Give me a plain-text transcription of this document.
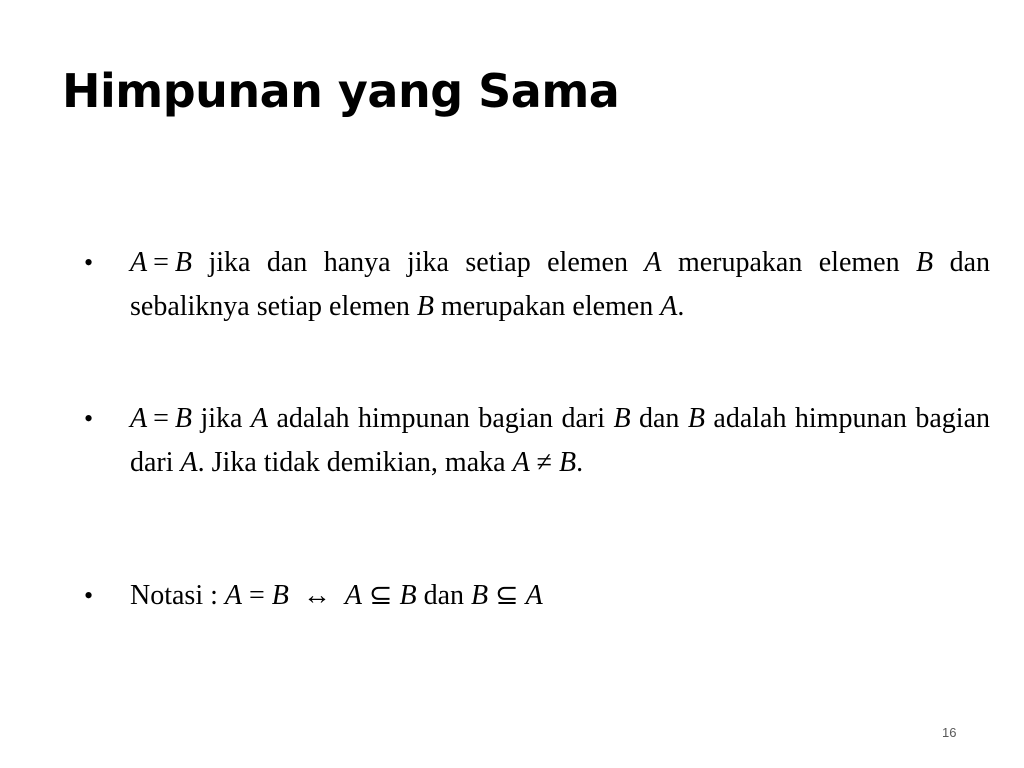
Himpunan yang Sama
• A = B jika dan hanya jika setiap elemen A merupakan elemen B dan sebaliknya setiap elemen B merupakan elemen A.
• A = B jika A adalah himpunan bagian dari B dan B adalah himpunan bagian dari A. Jika tidak demikian, maka A ≠ B.
• Notasi : A = B  ↔  A ⊆ B dan B ⊆ A
16
